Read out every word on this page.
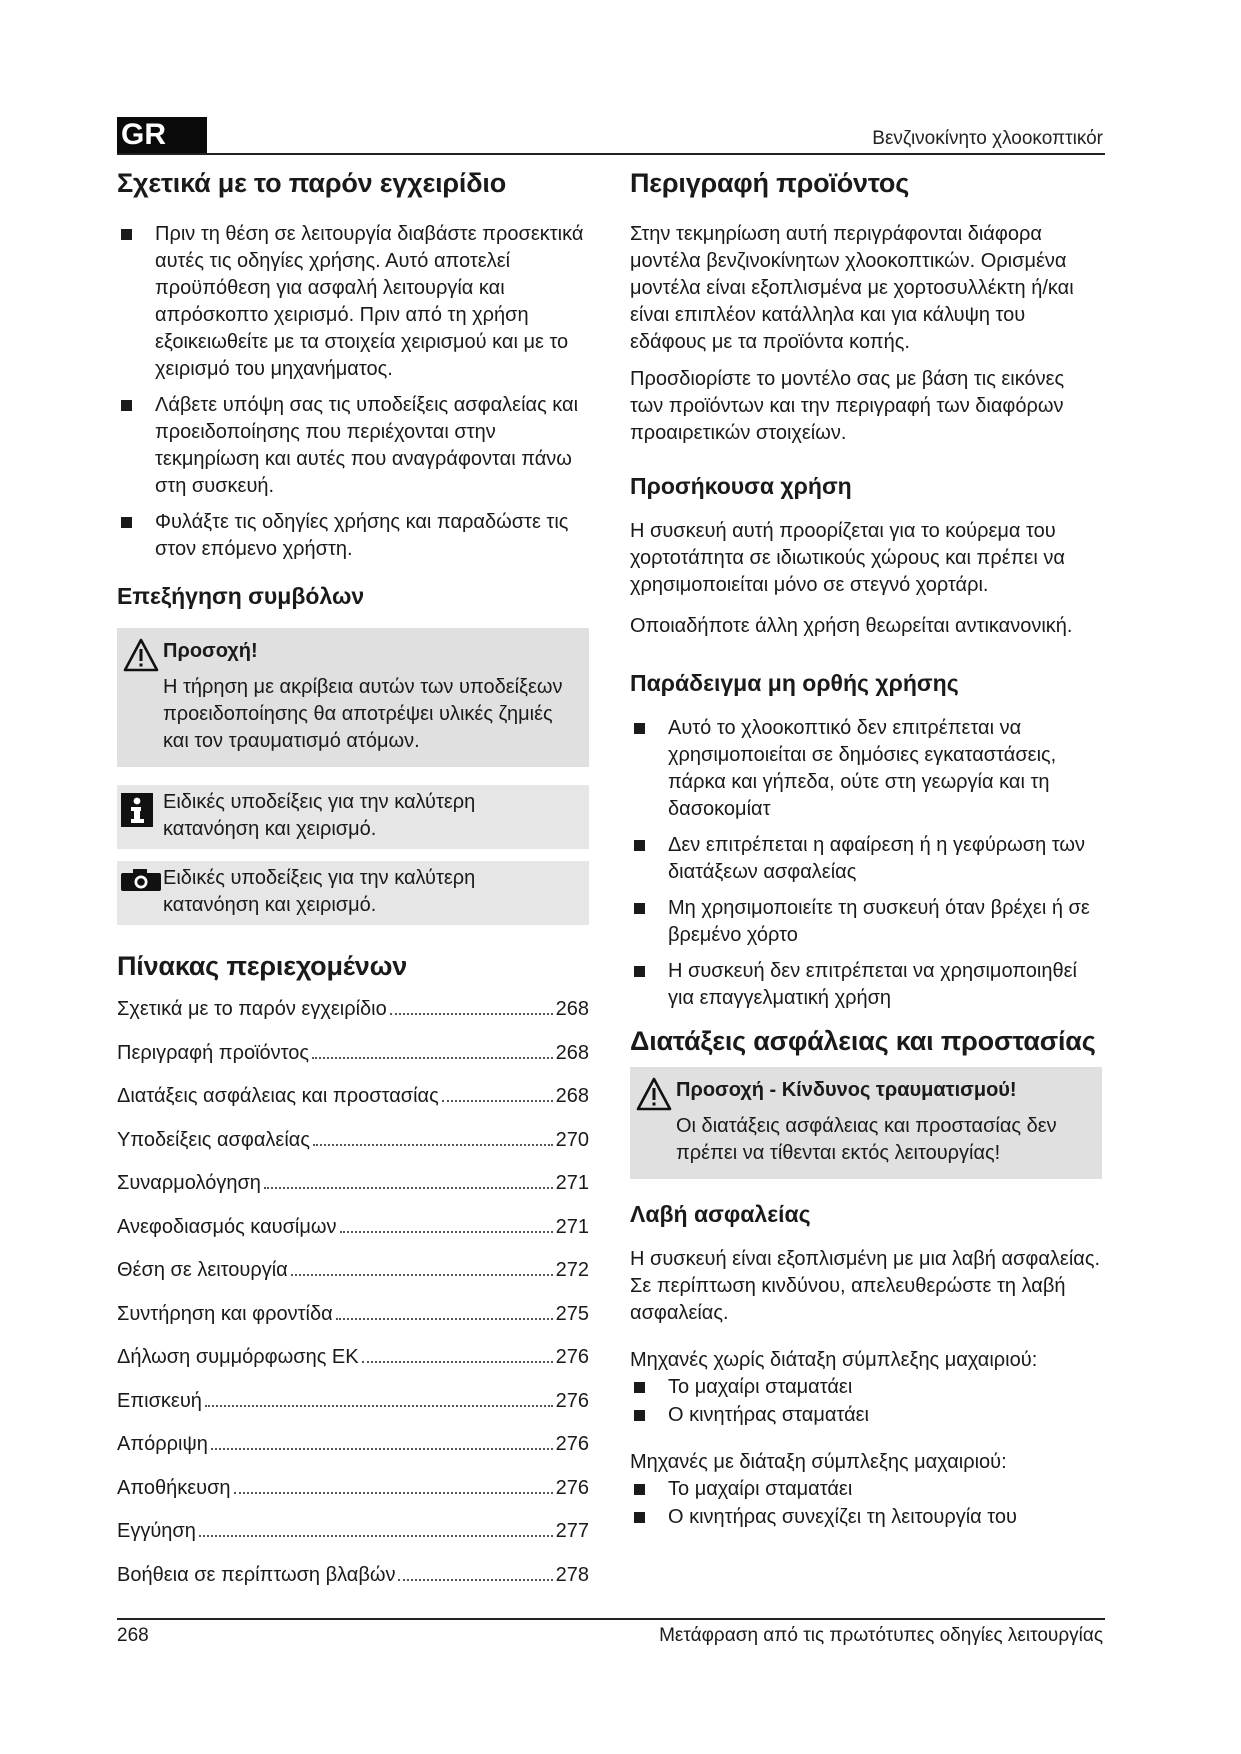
GR	Βενζινοκίνητο χλοοκοπτικόr
Σχετικά με το παρόν εγχειρίδιο
Πριν τη θέση σε λειτουργία διαβάστε προσεκτικά αυτές τις οδηγίες χρήσης. Αυτό αποτελεί προϋπόθεση για ασφαλή λειτουργία και απρόσκοπτο χειρισμό. Πριν από τη χρήση εξοικειωθείτε με τα στοιχεία χειρισμού και με το χειρισμό του μηχανήματος.
Λάβετε υπόψη σας τις υποδείξεις ασφαλείας και προειδοποίησης που περιέχονται στην τεκμηρίωση και αυτές που αναγράφονται πάνω στη συσκευή.
Φυλάξτε τις οδηγίες χρήσης και παραδώστε τις στον επόμενο χρήστη.
Επεξήγηση συμβόλων
Προσοχή!
Η τήρηση με ακρίβεια αυτών των υποδείξεων προειδοποίησης θα αποτρέψει υλικές ζημιές και τον τραυματισμό ατόμων.
Ειδικές υποδείξεις για την καλύτερη κατανόηση και χειρισμό.
Ειδικές υποδείξεις για την καλύτερη κατανόηση και χειρισμό.
Πίνακας περιεχομένων
Σχετικά με το παρόν εγχειρίδιο	268
Περιγραφή προϊόντος	268
Διατάξεις ασφάλειας και προστασίας	268
Υποδείξεις ασφαλείας	270
Συναρμολόγηση	271
Ανεφοδιασμός καυσίμων	271
Θέση σε λειτουργία	272
Συντήρηση και φροντίδα	275
Δήλωση συμμόρφωσης ΕΚ	276
Επισκευή	276
Απόρριψη	276
Αποθήκευση	276
Εγγύηση	277
Βοήθεια σε περίπτωση βλαβών	278
Περιγραφή προϊόντος

Στην τεκμηρίωση αυτή περιγράφονται διάφορα μοντέλα βενζινοκίνητων χλοοκοπτικών. Ορισμένα μοντέλα είναι εξοπλισμένα με χορτοσυλλέκτη ή/και είναι επιπλέον κατάλληλα και για κάλυψη του εδάφους με τα προϊόντα κοπής.

Προσδιορίστε το μοντέλο σας με βάση τις εικόνες των προϊόντων και την περιγραφή των διαφόρων προαιρετικών στοιχείων.

Προσήκουσα χρήση

Η συσκευή αυτή προορίζεται για το κούρεμα του χορτοτάπητα σε ιδιωτικούς χώρους και πρέπει να χρησιμοποιείται μόνο σε στεγνό χορτάρι.

Οποιαδήποτε άλλη χρήση θεωρείται αντικανονική.

Παράδειγμα μη ορθής χρήσης
Αυτό το χλοοκοπτικό δεν επιτρέπεται να χρησιμοποιείται σε δημόσιες εγκαταστάσεις, πάρκα και γήπεδα, ούτε στη γεωργία και τη δασοκομίατ
Δεν επιτρέπεται η αφαίρεση ή η γεφύρωση των διατάξεων ασφαλείας
Μη χρησιμοποιείτε τη συσκευή όταν βρέχει ή σε βρεμένο χόρτο
Η συσκευή δεν επιτρέπεται να χρησιμοποιηθεί για επαγγελματική χρήση
Διατάξεις ασφάλειας και προστασίας
Προσοχή - Κίνδυνος τραυματισμού!
Οι διατάξεις ασφάλειας και προστασίας δεν πρέπει να τίθενται εκτός λειτουργίας!
Λαβή ασφαλείας

Η συσκευή είναι εξοπλισμένη με μια λαβή ασφαλείας. Σε περίπτωση κινδύνου, απελευθερώστε τη λαβή ασφαλείας.

Μηχανές χωρίς διάταξη σύμπλεξης μαχαιριού:

Το μαχαίρι σταματάει
Ο κινητήρας σταματάει

Μηχανές με διάταξη σύμπλεξης μαχαιριού:

Το μαχαίρι σταματάει
Ο κινητήρας συνεχίζει τη λειτουργία του
268	Μετάφραση από τις πρωτότυπες οδηγίες λειτουργίας
